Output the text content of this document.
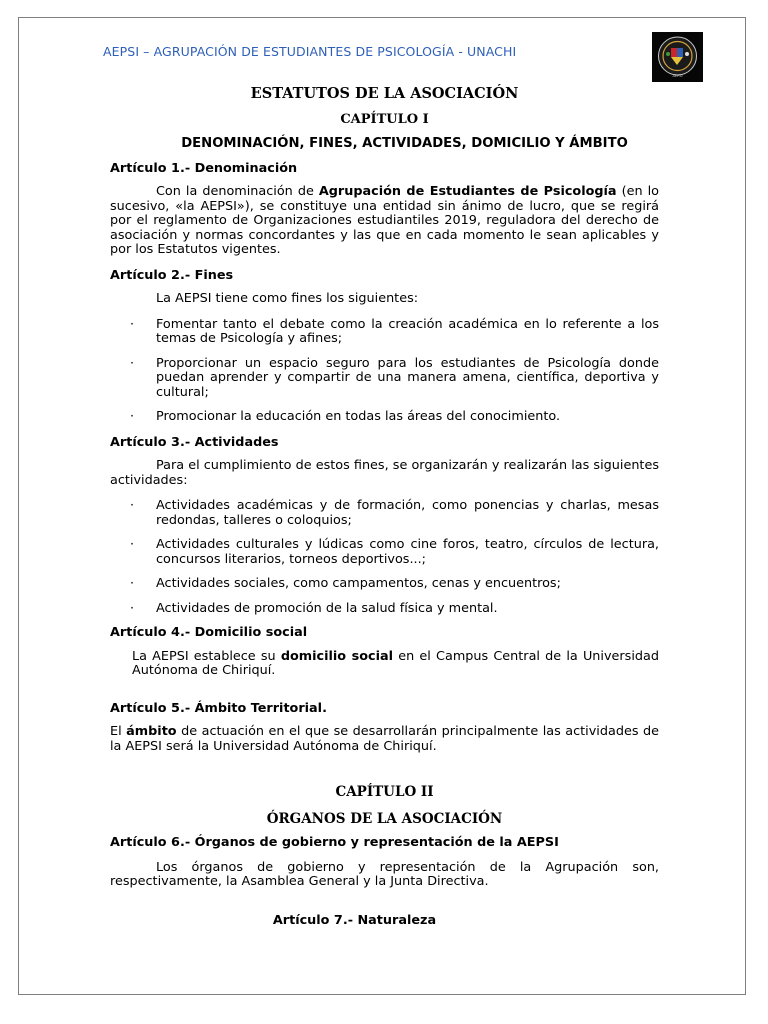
AEPSI – AGRUPACIÓN DE ESTUDIANTES DE PSICOLOGÍA - UNACHI
AEPSI
ESTATUTOS DE LA ASOCIACIÓN
CAPÍTULO I
DENOMINACIÓN, FINES, ACTIVIDADES, DOMICILIO Y ÁMBITO
Artículo 1.- Denominación

Con la denominación de Agrupación de Estudiantes de Psicología (en lo sucesivo, «la AEPSI»), se constituye una entidad sin ánimo de lucro, que se regirá por el reglamento de Organizaciones estudiantiles 2019, reguladora del derecho de asociación y normas concordantes y las que en cada momento le sean aplicables y por los Estatutos vigentes.

Artículo 2.- Fines

La AEPSI tiene como fines los siguientes:

· Fomentar tanto el debate como la creación académica en lo referente a los temas de Psicología y afines;
· Proporcionar un espacio seguro para los estudiantes de Psicología donde puedan aprender y compartir de una manera amena, científica, deportiva y cultural;
· Promocionar la educación en todas las áreas del conocimiento.
Artículo 3.- Actividades

Para el cumplimiento de estos fines, se organizarán y realizarán las siguientes actividades:

· Actividades académicas y de formación, como ponencias y charlas, mesas redondas, talleres o coloquios;
· Actividades culturales y lúdicas como cine foros, teatro, círculos de lectura, concursos literarios, torneos deportivos...;
· Actividades sociales, como campamentos, cenas y encuentros;
· Actividades de promoción de la salud física y mental.
Artículo 4.- Domicilio social

La AEPSI establece su domicilio social en el Campus Central de la Universidad Autónoma de Chiriquí.

Artículo 5.- Ámbito Territorial.

El ámbito de actuación en el que se desarrollarán principalmente las actividades de la AEPSI será la Universidad Autónoma de Chiriquí.

CAPÍTULO II
ÓRGANOS DE LA ASOCIACIÓN
Artículo 6.- Órganos de gobierno y representación de la AEPSI

Los órganos de gobierno y representación de la Agrupación son, respectivamente, la Asamblea General y la Junta Directiva.

Artículo 7.- Naturaleza
